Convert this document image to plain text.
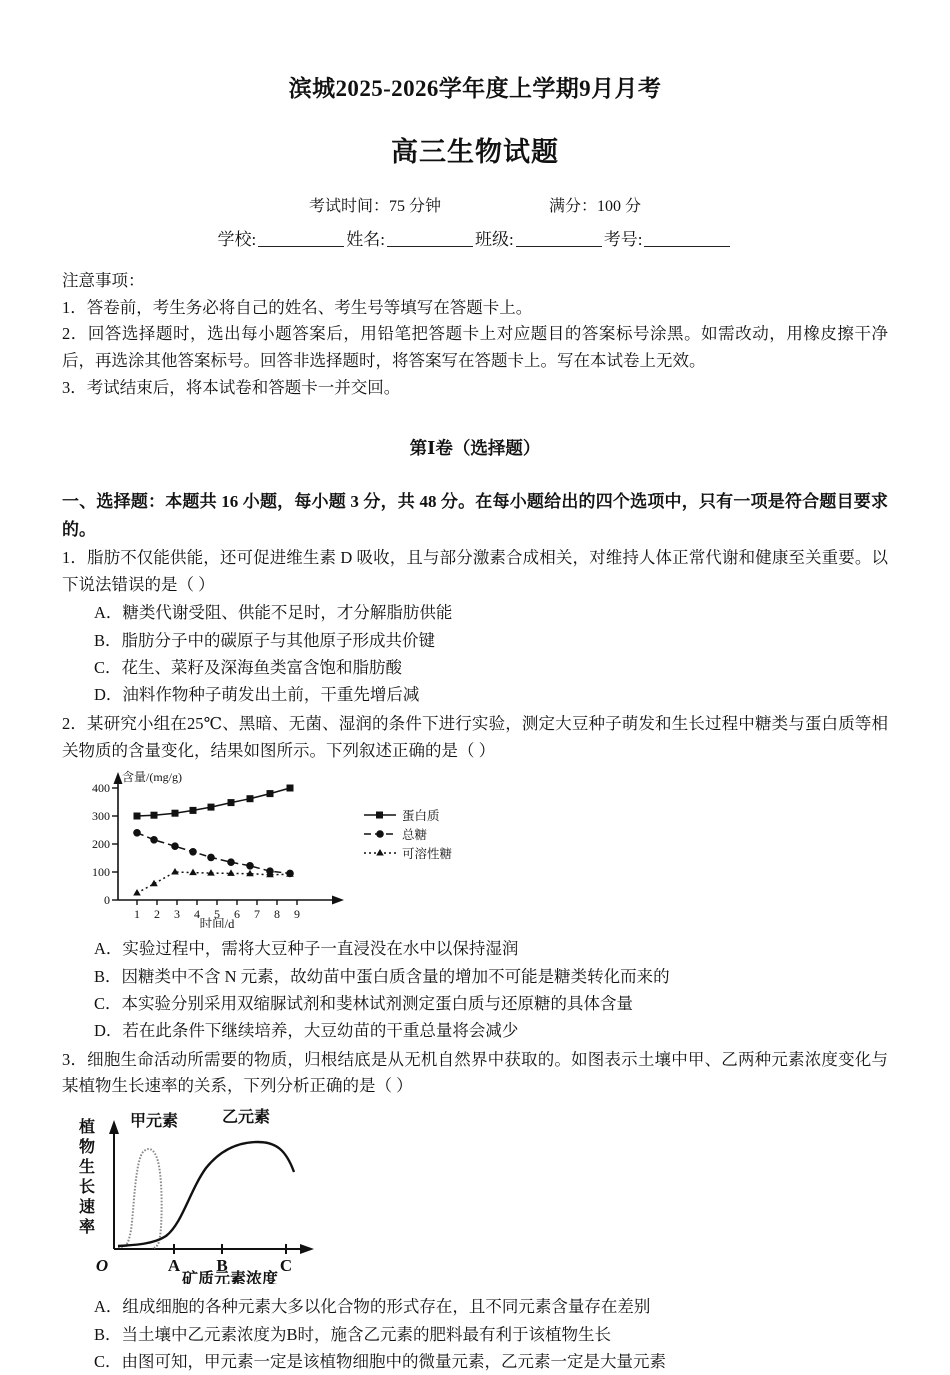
滨城2025-2026学年度上学期9月月考
高三生物试题
考试时间：75 分钟	满分：100 分
学校:	姓名:	班级:	考号:

注意事项：

1．答卷前，考生务必将自己的姓名、考生号等填写在答题卡上。

2．回答选择题时，选出每小题答案后，用铅笔把答题卡上对应题目的答案标号涂黑。如需改动，用橡皮擦干净后，再选涂其他答案标号。回答非选择题时，将答案写在答题卡上。写在本试卷上无效。

3．考试结束后，将本试卷和答题卡一并交回。

第Ⅰ卷（选择题）
一、选择题：本题共 16 小题，每小题 3 分，共 48 分。在每小题给出的四个选项中，只有一项是符合题目要求的。
1．脂肪不仅能供能，还可促进维生素 D 吸收，且与部分激素合成相关，对维持人体正常代谢和健康至关重要。以下说法错误的是（ ）
A．糖类代谢受阻、供能不足时，才分解脂肪供能
B．脂肪分子中的碳原子与其他原子形成共价键
C．花生、菜籽及深海鱼类富含饱和脂肪酸
D．油料作物种子萌发出土前，干重先增后减
2．某研究小组在25℃、黑暗、无菌、湿润的条件下进行实验，测定大豆种子萌发和生长过程中糖类与蛋白质等相关物质的含量变化，结果如图所示。下列叙述正确的是（ ）
0
100
200
300
400
含量/(mg/g)
1 2 3 4 5 6 7 8 9
时间/d
蛋白质
总糖
可溶性糖
A．实验过程中，需将大豆种子一直浸没在水中以保持湿润
B．因糖类中不含 N 元素，故幼苗中蛋白质含量的增加不可能是糖类转化而来的
C．本实验分别采用双缩脲试剂和斐林试剂测定蛋白质与还原糖的具体含量
D．若在此条件下继续培养，大豆幼苗的干重总量将会减少
3．细胞生命活动所需要的物质，归根结底是从无机自然界中获取的。如图表示土壤中甲、乙两种元素浓度变化与某植物生长速率的关系，下列分析正确的是（ ）
植
物
生
长
速
率
O	A B	C
矿质元素浓度
甲元素	乙元素
A．组成细胞的各种元素大多以化合物的形式存在，且不同元素含量存在差别
B．当土壤中乙元素浓度为B时，施含乙元素的肥料最有利于该植物生长
C．由图可知，甲元素一定是该植物细胞中的微量元素，乙元素一定是大量元素
